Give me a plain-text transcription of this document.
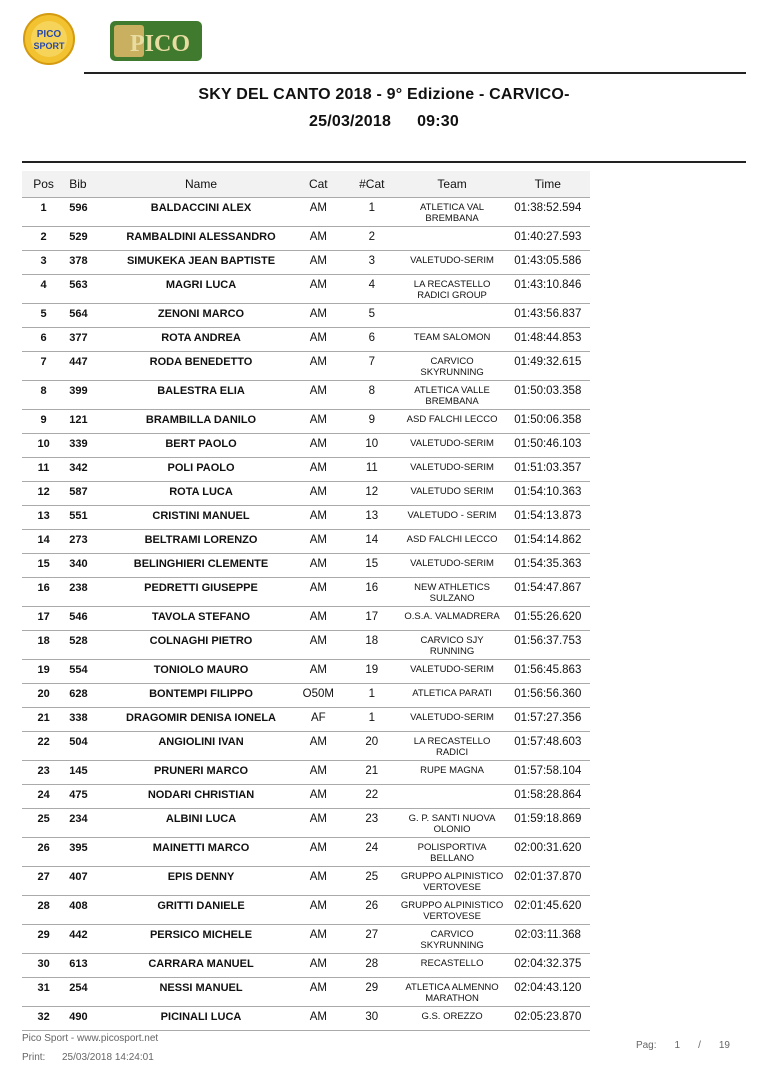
PICO
SPORT	PICO
SKY DEL CANTO 2018 - 9° Edizione - CARVICO-
25/03/2018 09:30
Pos	Bib	Name	Cat	#Cat	Team	Time

1	596	BALDACCINI ALEX	AM	1	ATLETICA VAL BREMBANA	01:38:52.594

2	529	RAMBALDINI ALESSANDRO	AM	2		01:40:27.593

3	378	SIMUKEKA JEAN BAPTISTE	AM	3	VALETUDO-SERIM	01:43:05.586

4	563	MAGRI LUCA	AM	4	LA RECASTELLO RADICI GROUP	01:43:10.846

5	564	ZENONI MARCO	AM	5		01:43:56.837

6	377	ROTA ANDREA	AM	6	TEAM SALOMON	01:48:44.853

7	447	RODA BENEDETTO	AM	7	CARVICO SKYRUNNING	01:49:32.615

8	399	BALESTRA ELIA	AM	8	ATLETICA VALLE BREMBANA	01:50:03.358

9	121	BRAMBILLA DANILO	AM	9	ASD FALCHI LECCO	01:50:06.358

10	339	BERT PAOLO	AM	10	VALETUDO-SERIM	01:50:46.103

11	342	POLI PAOLO	AM	11	VALETUDO-SERIM	01:51:03.357

12	587	ROTA LUCA	AM	12	VALETUDO SERIM	01:54:10.363

13	551	CRISTINI MANUEL	AM	13	VALETUDO - SERIM	01:54:13.873

14	273	BELTRAMI LORENZO	AM	14	ASD FALCHI LECCO	01:54:14.862

15	340	BELINGHIERI CLEMENTE	AM	15	VALETUDO-SERIM	01:54:35.363

16	238	PEDRETTI GIUSEPPE	AM	16	NEW ATHLETICS SULZANO	01:54:47.867

17	546	TAVOLA STEFANO	AM	17	O.S.A. VALMADRERA	01:55:26.620

18	528	COLNAGHI PIETRO	AM	18	CARVICO SJY RUNNING	01:56:37.753

19	554	TONIOLO MAURO	AM	19	VALETUDO-SERIM	01:56:45.863

20	628	BONTEMPI FILIPPO	O50M	1	ATLETICA PARATI	01:56:56.360

21	338	DRAGOMIR DENISA IONELA	AF	1	VALETUDO-SERIM	01:57:27.356

22	504	ANGIOLINI IVAN	AM	20	LA RECASTELLO RADICI	01:57:48.603

23	145	PRUNERI MARCO	AM	21	RUPE MAGNA	01:57:58.104

24	475	NODARI CHRISTIAN	AM	22		01:58:28.864

25	234	ALBINI LUCA	AM	23	G. P. SANTI NUOVA OLONIO	01:59:18.869

26	395	MAINETTI MARCO	AM	24	POLISPORTIVA BELLANO	02:00:31.620

27	407	EPIS DENNY	AM	25	GRUPPO ALPINISTICO VERTOVESE	02:01:37.870

28	408	GRITTI DANIELE	AM	26	GRUPPO ALPINISTICO VERTOVESE	02:01:45.620

29	442	PERSICO MICHELE	AM	27	CARVICO SKYRUNNING	02:03:11.368

30	613	CARRARA MANUEL	AM	28	RECASTELLO	02:04:32.375

31	254	NESSI MANUEL	AM	29	ATLETICA ALMENNO MARATHON	02:04:43.120

32	490	PICINALI LUCA	AM	30	G.S. OREZZO	02:05:23.870
Pico Sport - www.picosport.net
Print: 25/03/2018 14:24:01
Pag: 1 / 19
